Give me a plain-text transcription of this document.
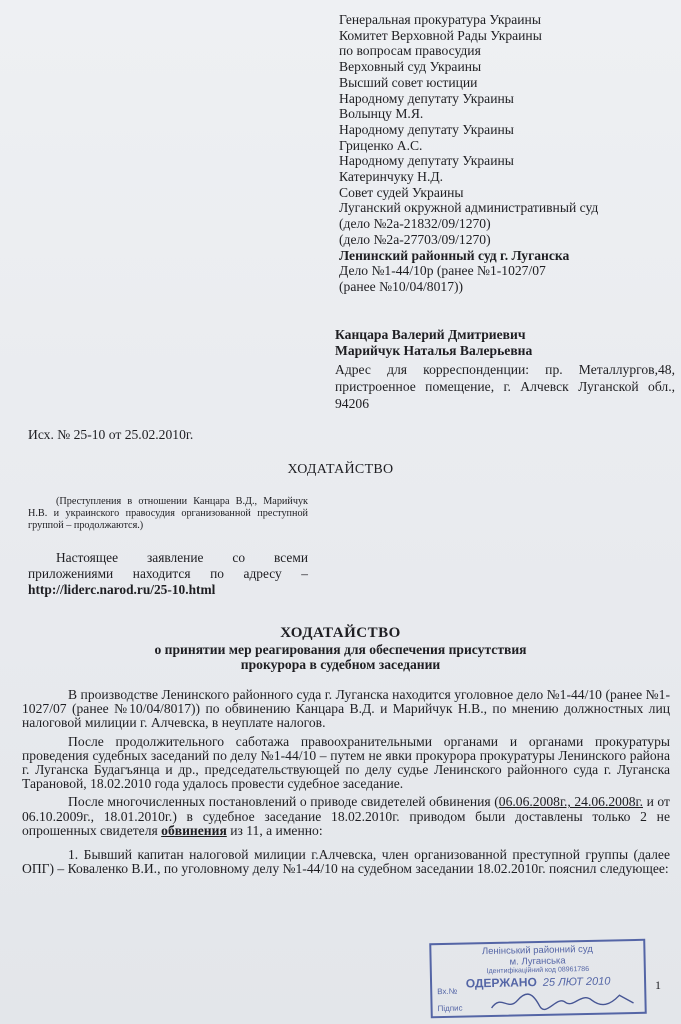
Генеральная прокуратура Украины
Комитет Верховной Рады Украины
по вопросам правосудия
Верховный суд Украины
Высший совет юстиции
Народному депутату Украины
Волынцу М.Я.
Народному депутату Украины
Гриценко А.С.
Народному депутату Украины
Катеринчуку Н.Д.
Совет судей Украины
Луганский окружной административный суд
(дело №2а-21832/09/1270)
(дело №2а-27703/09/1270)
Ленинский районный суд г. Луганска
Дело №1-44/10р (ранее №1-1027/07
(ранее №10/04/8017))
Канцара Валерий Дмитриевич
Марийчук Наталья Валерьевна
Адрес для корреспонденции: пр. Металлургов,48, пристроенное помещение, г. Алчевск Луганской обл., 94206
Исх. № 25-10 от 25.02.2010г.
ХОДАТАЙСТВО
(Преступления в отношении Канцара В.Д., Марийчук Н.В. и украинского правосудия организованной преступной группой – продолжаются.)
Настоящее заявление со всеми приложениями находится по адресу – http://liderc.narod.ru/25-10.html
ХОДАТАЙСТВО
о принятии мер реагирования для обеспечения присутствия
прокурора в судебном заседании

В производстве Ленинского районного суда г. Луганска находится уголовное дело №1-44/10 (ранее №1-1027/07 (ранее №10/04/8017)) по обвинению Канцара В.Д. и Марийчук Н.В., по мнению должностных лиц налоговой милиции г. Алчевска, в неуплате налогов.

После продолжительного саботажа правоохранительными органами и органами прокуратуры проведения судебных заседаний по делу №1-44/10 – путем не явки прокурора прокуратуры Ленинского района г. Луганска Будагъянца и др., председательствующей по делу судье Ленинского районного суда г. Луганска Тарановой, 18.02.2010 года удалось провести судебное заседание.

После многочисленных постановлений о приводе свидетелей обвинения (06.06.2008г., 24.06.2008г. и от 06.10.2009г., 18.01.2010г.) в судебное заседание 18.02.2010г. приводом были доставлены только 2 не опрошенных свидетеля обвинения из 11, а именно:

1. Бывший капитан налоговой милиции г.Алчевска, член организованной преступной группы (далее ОПГ) – Коваленко В.И., по уголовному делу №1-44/10 на судебном заседании 18.02.2010г. пояснил следующее:

1
Ленінський районний суд
м. Луганська
Ідентифікаційний код 08961786
ОДЕРЖАНО 25 ЛЮТ 2010
Вх.№
Підпис
